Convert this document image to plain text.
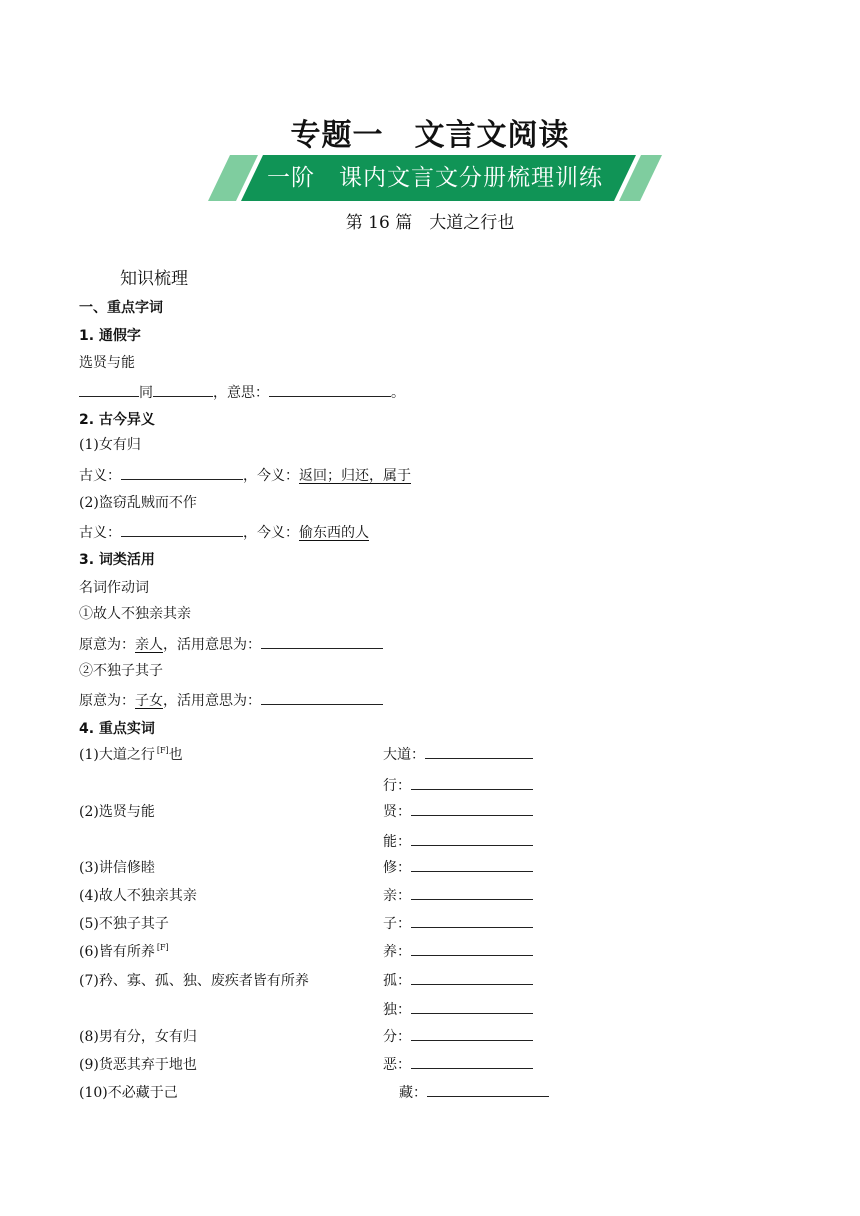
专题一　文言文阅读
一阶　课内文言文分册梳理训练
第 16 篇　大道之行也
知识梳理
一、重点字词
1. 通假字
选贤与能
同	，意思：	。
2. 古今异义
(1)女有归
古义：	，今义：返回；归还，属于
(2)盗窃乱贼而不作
古义：	，今义：偷东西的人
3. 词类活用
名词作动词
①故人不独亲其亲
原意为：亲人，活用意思为：
②不独子其子
原意为：子女，活用意思为：
4. 重点实词
(1)大道之行 [F]也	大道：
行：
(2)选贤与能	贤：
能：
(3)讲信修睦	修：
(4)故人不独亲其亲	亲：
(5)不独子其子	子：
(6)皆有所养 [F]	养：
(7)矜、寡、孤、独、废疾者皆有所养	孤：
独：
(8)男有分，女有归	分：
(9)货恶其弃于地也	恶：
(10)不必藏于己	藏：
